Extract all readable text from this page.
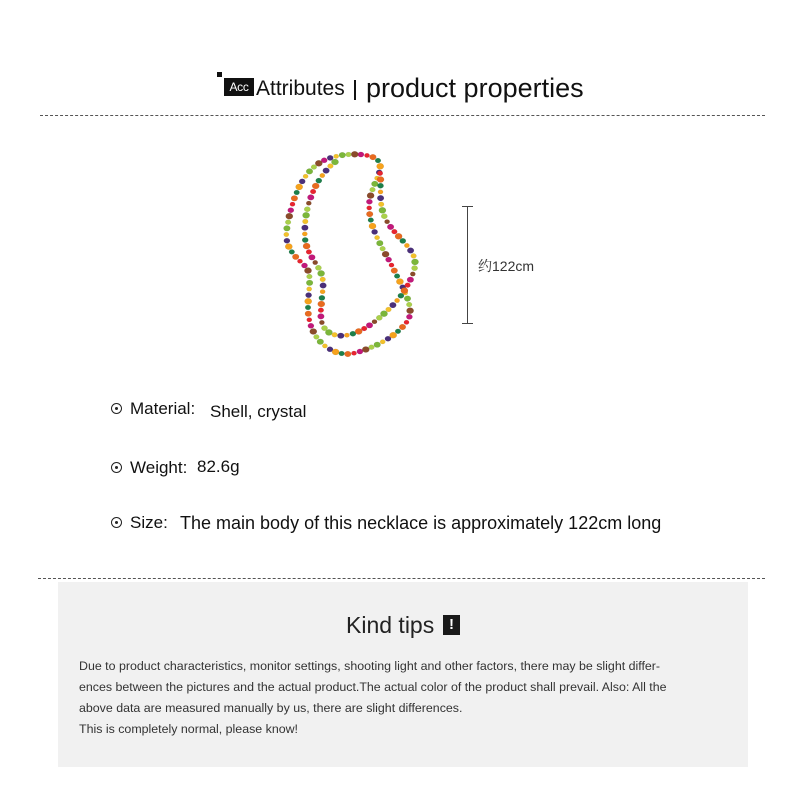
Acc Attributes product properties
约122cm
Material: Shell, crystal
Weight: 82.6g
Size: The main body of this necklace is approximately 122cm long
Kind tips !
Due to product characteristics, monitor settings, shooting light and other factors, there may be slight differ-
ences between the pictures and the actual product.The actual color of the product shall prevail. Also: All the
above data are measured manually by us, there are slight differences.
This is completely normal, please know!
